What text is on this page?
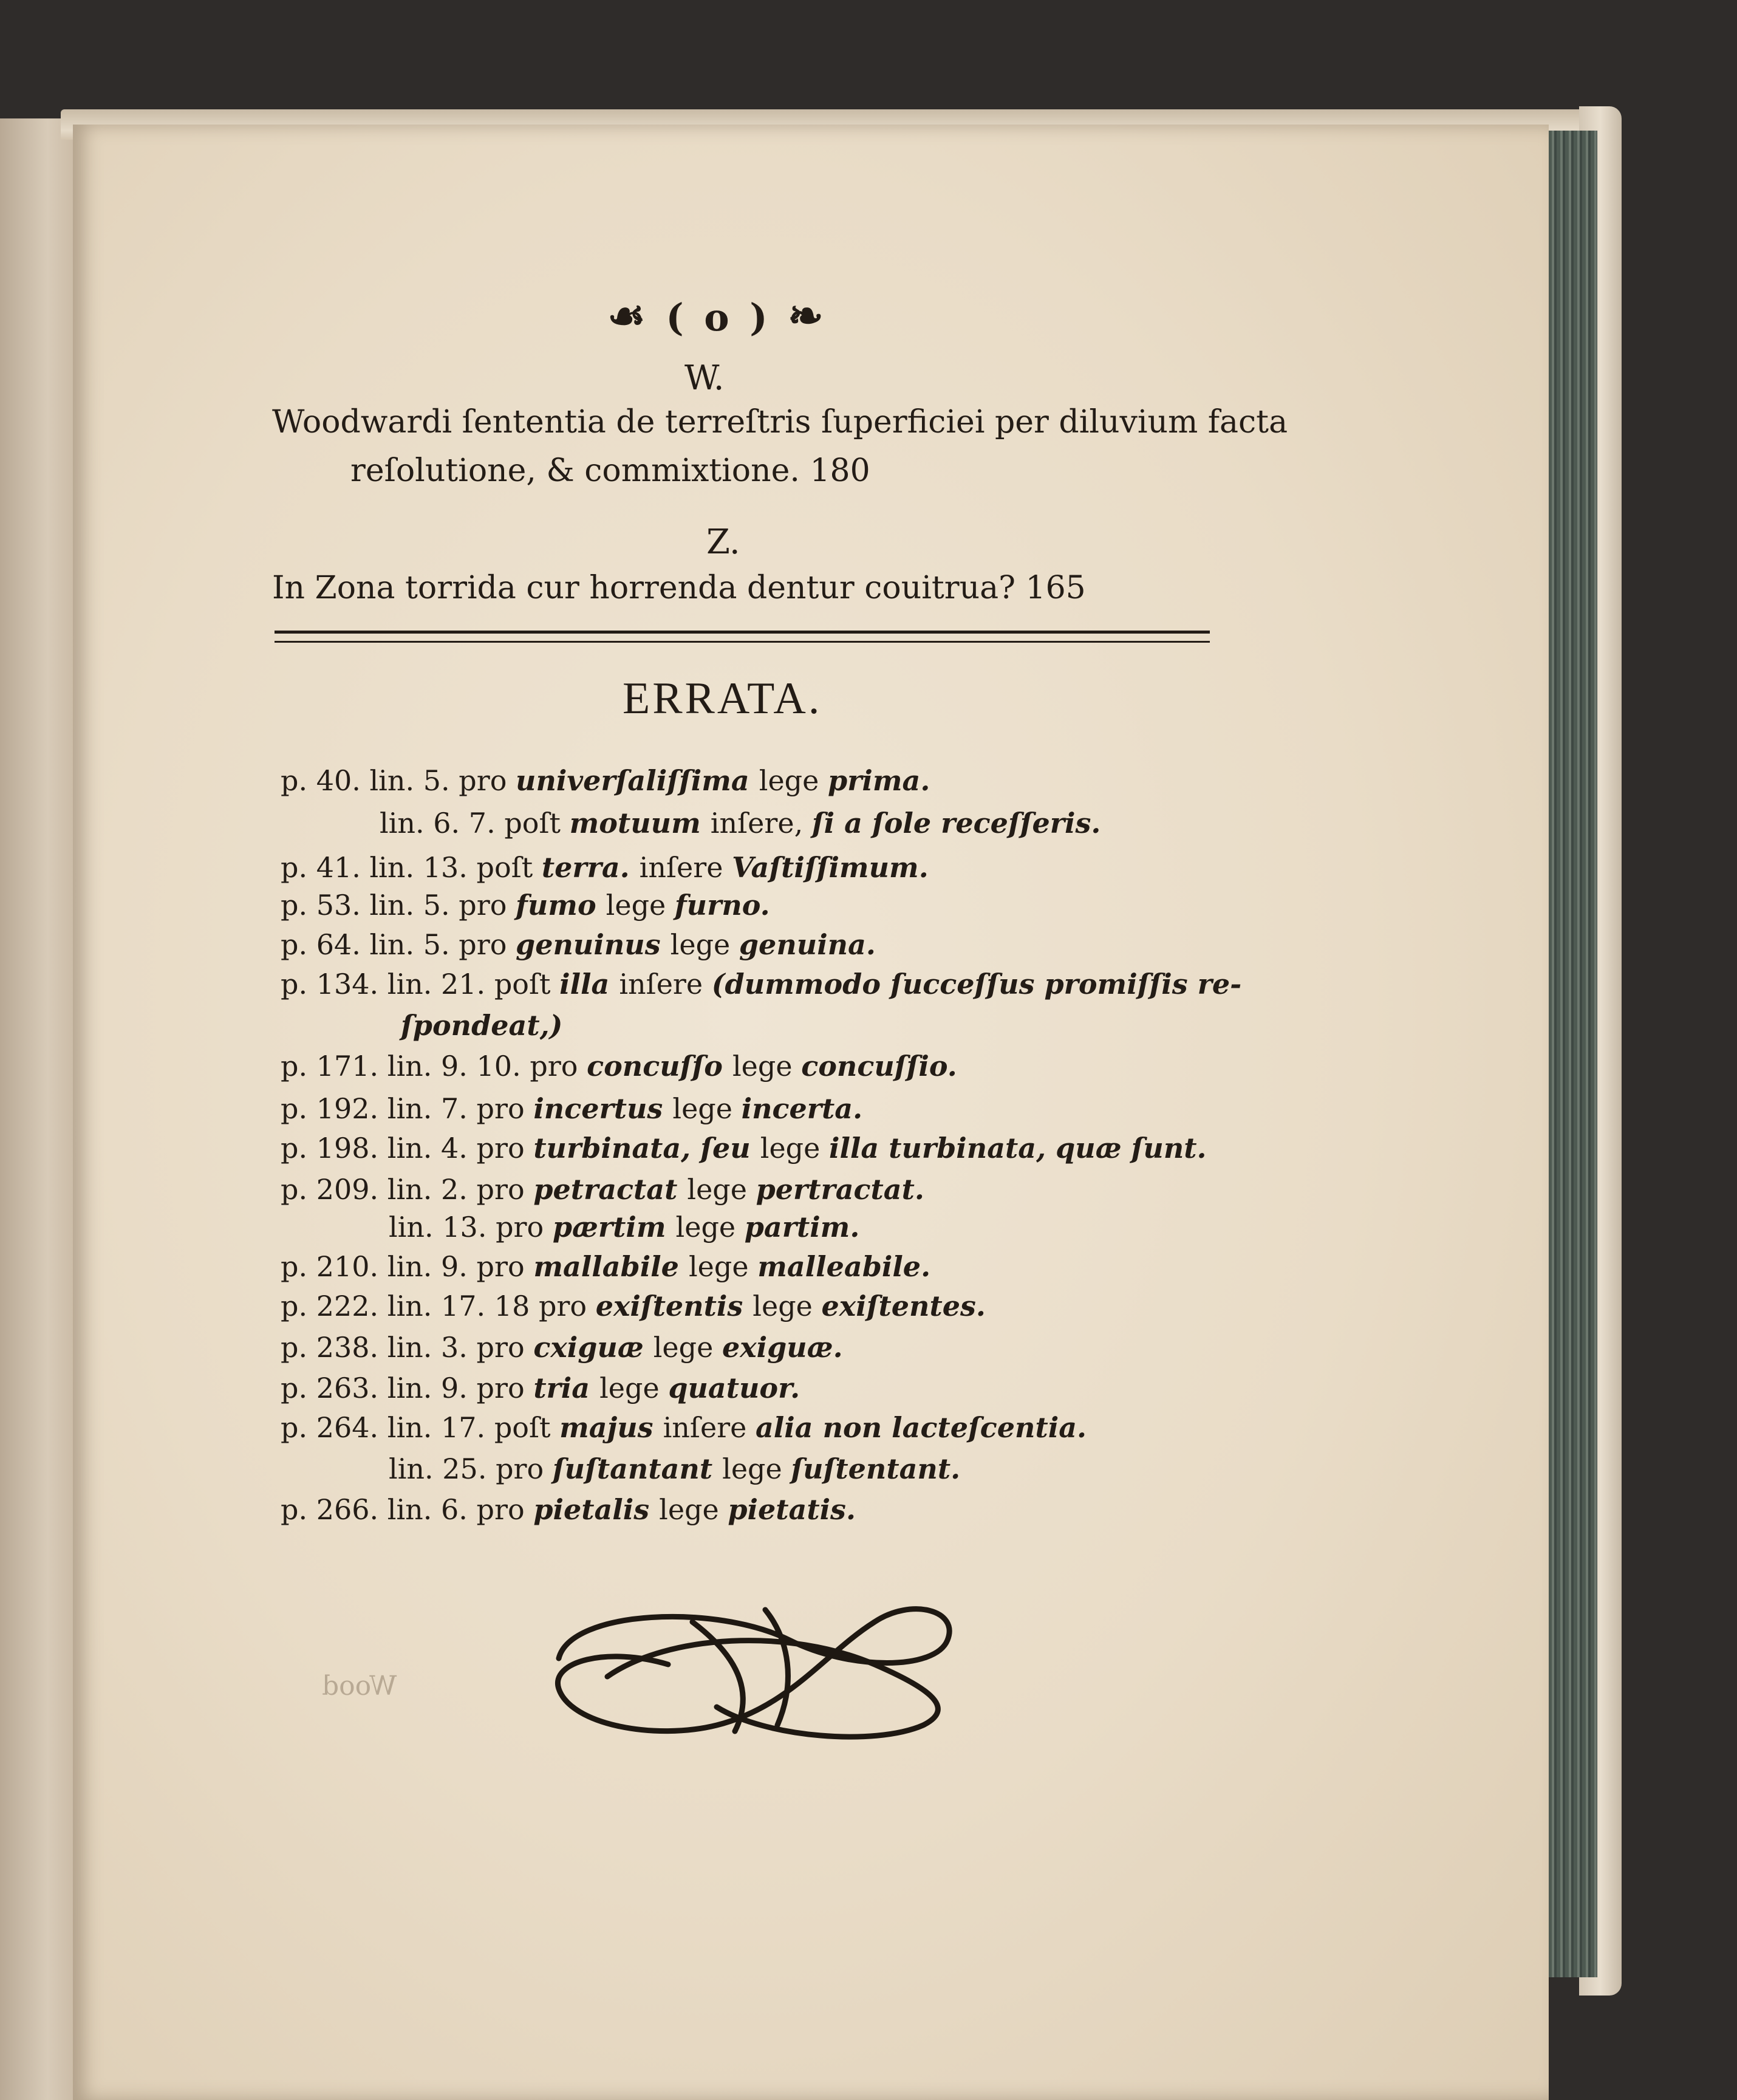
☙ ( o ) ❧
W.
Woodwardi ſententia de terreſtris ſuperficiei per diluvium facta
reſolutione, & commixtione. 180
Z.
In Zona torrida cur horrenda dentur couitrua? 165
ERRATA.
p. 40. lin. 5. pro univerſaliſſima lege prima.
lin. 6. 7. poſt motuum inſere, ſi a ſole receſſeris.
p. 41. lin. 13. poſt terra. inſere Vaſtiſſimum.
p. 53. lin. 5. pro fumo lege furno.
p. 64. lin. 5. pro genuinus lege genuina.
p. 134. lin. 21. poſt illa inſere (dummodo ſucceſſus promiſſis re-
ſpondeat,)
p. 171. lin. 9. 10. pro concuſſo lege concuſſio.
p. 192. lin. 7. pro incertus lege incerta.
p. 198. lin. 4. pro turbinata, ſeu lege illa turbinata, quæ ſunt.
p. 209. lin. 2. pro petractat lege pertractat.
lin. 13. pro pærtim lege partim.
p. 210. lin. 9. pro mallabile lege malleabile.
p. 222. lin. 17. 18 pro exiſtentis lege exiſtentes.
p. 238. lin. 3. pro cxiguæ lege exiguæ.
p. 263. lin. 9. pro tria lege quatuor.
p. 264. lin. 17. poſt majus inſere alia non lacteſcentia.
lin. 25. pro ſuſtantant lege ſuſtentant.
p. 266. lin. 6. pro pietalis lege pietatis.
Wood
